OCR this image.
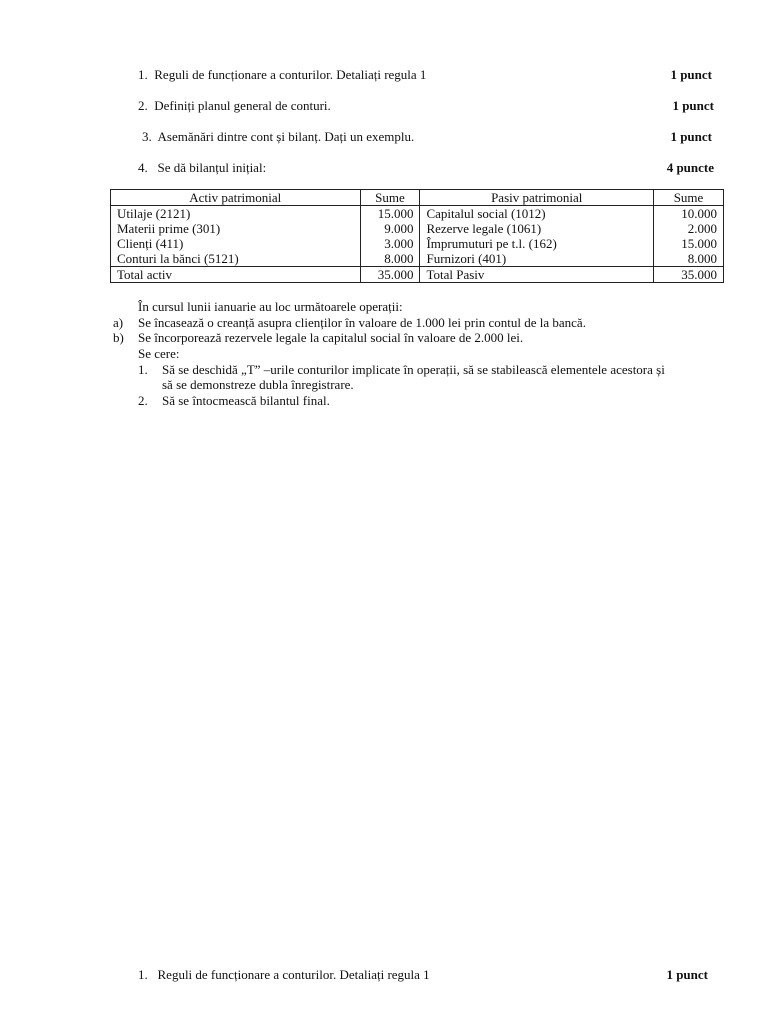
1. Reguli de funcționare a conturilor. Detaliați regula 1	1 punct
2. Definiți planul general de conturi.	1 punct
3. Asemănări dintre cont și bilanț. Dați un exemplu.	1 punct
4. Se dă bilanțul inițial:	4 puncte
Activ patrimonial	Sume	Pasiv patrimonial	Sume
Utilaje (2121)	15.000	Capitalul social (1012)	10.000
Materii prime (301)	9.000	Rezerve legale (1061)	2.000
Clienți (411)	3.000	Împrumuturi pe t.l. (162)	15.000
Conturi la bănci (5121)	8.000	Furnizori (401)	8.000
Total activ	35.000	Total Pasiv	35.000
În cursul lunii ianuarie au loc următoarele operații:
a) Se încasează o creanță asupra clienților în valoare de 1.000 lei prin contul de la bancă.
b) Se încorporează rezervele legale la capitalul social în valoare de 2.000 lei.
Se cere:
1. Să se deschidă „T” –urile conturilor implicate în operații, să se stabilească elementele acestora și
să se demonstreze dubla înregistrare.
2. Să se întocmească bilantul final.
1. Reguli de funcționare a conturilor. Detaliați regula 1	1 punct
